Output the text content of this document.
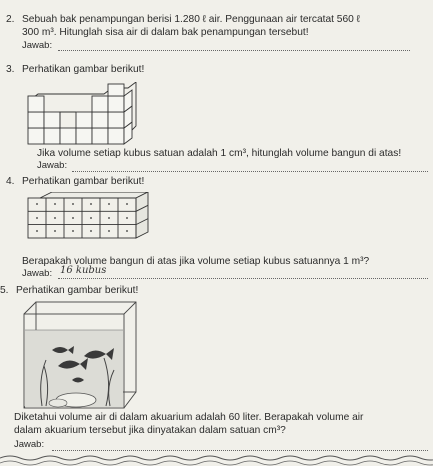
2. Sebuah bak penampungan berisi 1.280 ℓ air. Penggunaan air tercatat 560 ℓ
300 m³. Hitunglah sisa air di dalam bak penampungan tersebut!
Jawab:
3. Perhatikan gambar berikut!
Jika volume setiap kubus satuan adalah 1 cm³, hitunglah volume bangun di atas!
Jawab:
4. Perhatikan gambar berikut!
Berapakah volume bangun di atas jika volume setiap kubus satuannya 1 m³?
Jawab: 16 kubus
5. Perhatikan gambar berikut!
Diketahui volume air di dalam akuarium adalah 60 liter. Berapakah volume air
dalam akuarium tersebut jika dinyatakan dalam satuan cm³?
Jawab:
